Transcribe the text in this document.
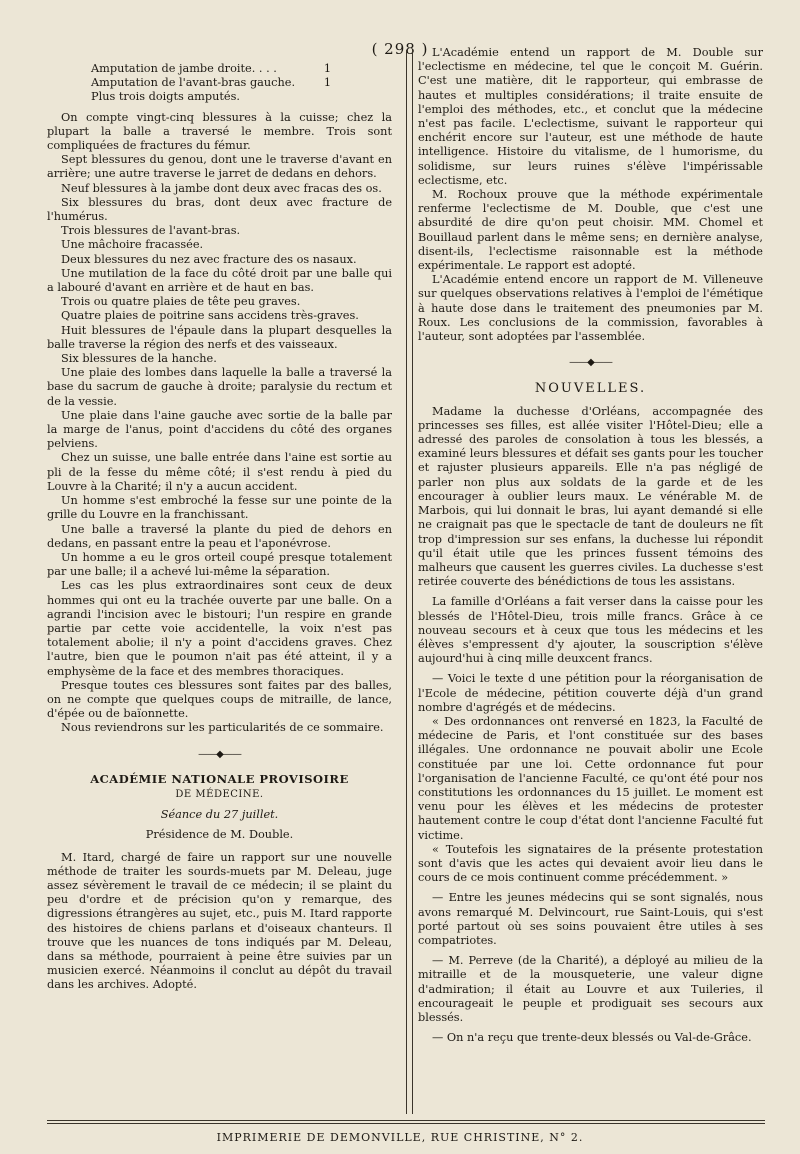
( 298 )
Amputation de jambe droite. . . .	1
Amputation de l'avant-bras gauche.	1
Plus trois doigts amputés.

On compte vingt-cinq blessures à la cuisse; chez la plupart la balle a traversé le membre. Trois sont compliquées de fractures du fémur.

Sept blessures du genou, dont une le traverse d'avant en arrière; une autre traverse le jarret de dedans en dehors.

Neuf blessures à la jambe dont deux avec fracas des os.

Six blessures du bras, dont deux avec fracture de l'humérus.

Trois blessures de l'avant-bras.

Une mâchoire fracassée.

Deux blessures du nez avec fracture des os nasaux.

Une mutilation de la face du côté droit par une balle qui a labouré d'avant en arrière et de haut en bas.

Trois ou quatre plaies de tête peu graves.

Quatre plaies de poitrine sans accidens très-graves.

Huit blessures de l'épaule dans la plupart desquelles la balle traverse la région des nerfs et des vaisseaux.

Six blessures de la hanche.

Une plaie des lombes dans laquelle la balle a traversé la base du sacrum de gauche à droite; paralysie du rectum et de la vessie.

Une plaie dans l'aine gauche avec sortie de la balle par la marge de l'anus, point d'accidens du côté des organes pelviens.

Chez un suisse, une balle entrée dans l'aine est sortie au pli de la fesse du même côté; il s'est rendu à pied du Louvre à la Charité; il n'y a aucun accident.

Un homme s'est embroché la fesse sur une pointe de la grille du Louvre en la franchissant.

Une balle a traversé la plante du pied de dehors en dedans, en passant entre la peau et l'aponévrose.

Un homme a eu le gros orteil coupé presque totalement par une balle; il a achevé lui-même la séparation.

Les cas les plus extraordinaires sont ceux de deux hommes qui ont eu la trachée ouverte par une balle. On a agrandi l'incision avec le bistouri; l'un respire en grande partie par cette voie accidentelle, la voix n'est pas totalement abolie; il n'y a point d'accidens graves. Chez l'autre, bien que le poumon n'ait pas été atteint, il y a emphysème de la face et des membres thoraciques.

Presque toutes ces blessures sont faites par des balles, on ne compte que quelques coups de mitraille, de lance, d'épée ou de baïonnette.

Nous reviendrons sur les particularités de ce sommaire.

——◆——
ACADÉMIE NATIONALE PROVISOIRE
DE MÉDECINE.

Séance du 27 juillet.

Présidence de M. Double.

M. Itard, chargé de faire un rapport sur une nouvelle méthode de traiter les sourds-muets par M. Deleau, juge assez sévèrement le travail de ce médecin; il se plaint du peu d'ordre et de précision qu'on y remarque, des digressions étrangères au sujet, etc., puis M. Itard rapporte des histoires de chiens parlans et d'oiseaux chanteurs. Il trouve que les nuances de tons indiqués par M. Deleau, dans sa méthode, pourraient à peine être suivies par un musicien exercé. Néanmoins il conclut au dépôt du travail dans les archives. Adopté.

L'Académie entend un rapport de M. Double sur l'eclectisme en médecine, tel que le conçoit M. Guérin. C'est une matière, dit le rapporteur, qui embrasse de hautes et multiples considérations; il traite ensuite de l'emploi des méthodes, etc., et conclut que la médecine n'est pas facile. L'eclectisme, suivant le rapporteur qui enchérit encore sur l'auteur, est une méthode de haute intelligence. Histoire du vitalisme, de l humorisme, du solidisme, sur leurs ruines s'élève l'impérissable eclectisme, etc.

M. Rochoux prouve que la méthode expérimentale renferme l'eclectisme de M. Double, que c'est une absurdité de dire qu'on peut choisir. MM. Chomel et Bouillaud parlent dans le même sens; en dernière analyse, disent-ils, l'eclectisme raisonnable est la méthode expérimentale. Le rapport est adopté.

L'Académie entend encore un rapport de M. Villeneuve sur quelques observations relatives à l'emploi de l'émétique à haute dose dans le traitement des pneumonies par M. Roux. Les conclusions de la commission, favorables à l'auteur, sont adoptées par l'assemblée.

——◆——
NOUVELLES.

Madame la duchesse d'Orléans, accompagnée des princesses ses filles, est allée visiter l'Hôtel-Dieu; elle a adressé des paroles de consolation à tous les blessés, a examiné leurs blessures et défait ses gants pour les toucher et rajuster plusieurs appareils. Elle n'a pas négligé de parler non plus aux soldats de la garde et de les encourager à oublier leurs maux. Le vénérable M. de Marbois, qui lui donnait le bras, lui ayant demandé si elle ne craignait pas que le spectacle de tant de douleurs ne fît trop d'impression sur ses enfans, la duchesse lui répondit qu'il était utile que les princes fussent témoins des malheurs que causent les guerres civiles. La duchesse s'est retirée couverte des bénédictions de tous les assistans.

La famille d'Orléans a fait verser dans la caisse pour les blessés de l'Hôtel-Dieu, trois mille francs. Grâce à ce nouveau secours et à ceux que tous les médecins et les élèves s'empressent d'y ajouter, la souscription s'élève aujourd'hui à cinq mille deuxcent francs.

— Voici le texte d une pétition pour la réorganisation de l'Ecole de médecine, pétition couverte déjà d'un grand nombre d'agrégés et de médecins.

« Des ordonnances ont renversé en 1823, la Faculté de médecine de Paris, et l'ont constituée sur des bases illégales. Une ordonnance ne pouvait abolir une Ecole constituée par une loi. Cette ordonnance fut pour l'organisation de l'ancienne Faculté, ce qu'ont été pour nos constitutions les ordonnances du 15 juillet. Le moment est venu pour les élèves et les médecins de protester hautement contre le coup d'état dont l'ancienne Faculté fut victime.

« Toutefois les signataires de la présente protestation sont d'avis que les actes qui devaient avoir lieu dans le cours de ce mois continuent comme précédemment. »

— Entre les jeunes médecins qui se sont signalés, nous avons remarqué M. Delvincourt, rue Saint-Louis, qui s'est porté partout où ses soins pouvaient être utiles à ses compatriotes.

— M. Perreve (de la Charité), a déployé au milieu de la mitraille et de la mousqueterie, une valeur digne d'admiration; il était au Louvre et aux Tuileries, il encourageait le peuple et prodiguait ses secours aux blessés.

— On n'a reçu que trente-deux blessés ou Val-de-Grâce.

IMPRIMERIE DE DEMONVILLE, RUE CHRISTINE, N° 2.
